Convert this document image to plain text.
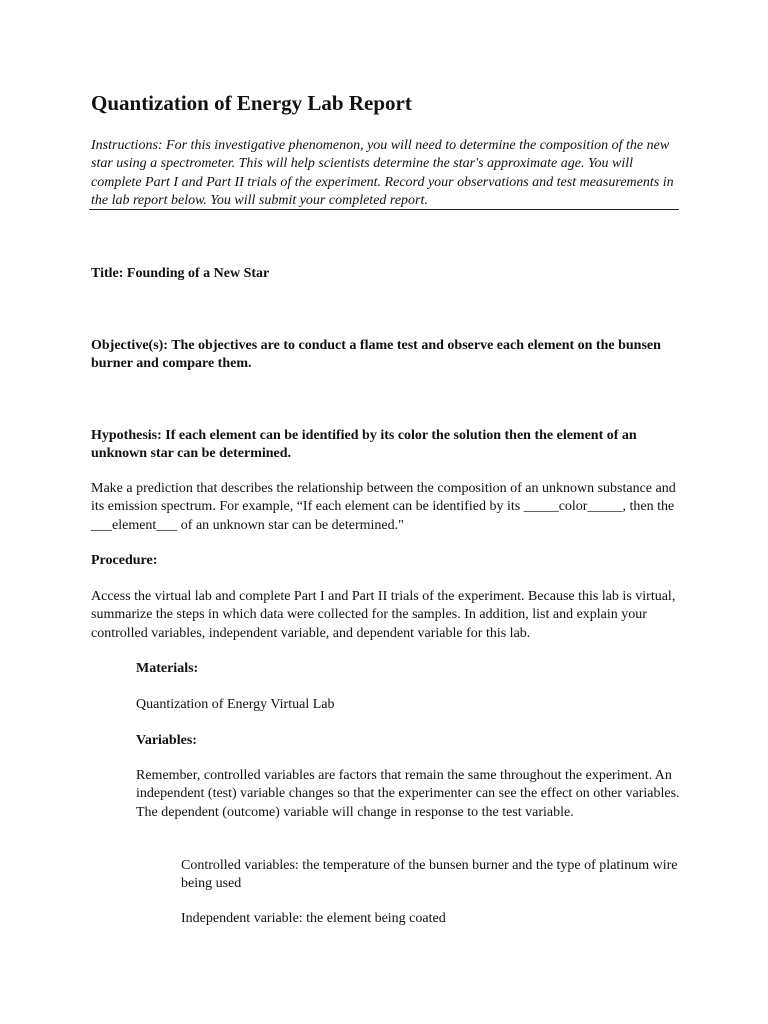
Quantization of Energy Lab Report

Instructions: For this investigative phenomenon, you will need to determine the composition of the new star using a spectrometer. This will help scientists determine the star's approximate age. You will complete Part I and Part II trials of the experiment. Record your observations and test measurements in the lab report below. You will submit your completed report.

Title: Founding of a New Star

Objective(s): The objectives are to conduct a flame test and observe each element on the bunsen burner and compare them.

Hypothesis: If each element can be identified by its color the solution then the element of an unknown star can be determined.

Make a prediction that describes the relationship between the composition of an unknown substance and its emission spectrum. For example, “If each element can be identified by its _____color_____, then the ___element___ of an unknown star can be determined."

Procedure:

Access the virtual lab and complete Part I and Part II trials of the experiment. Because this lab is virtual, summarize the steps in which data were collected for the samples. In addition, list and explain your controlled variables, independent variable, and dependent variable for this lab.

Materials:

Quantization of Energy Virtual Lab

Variables:

Remember, controlled variables are factors that remain the same throughout the experiment. An independent (test) variable changes so that the experimenter can see the effect on other variables. The dependent (outcome) variable will change in response to the test variable.

Controlled variables: the temperature of the bunsen burner and the type of platinum wire being used

Independent variable: the element being coated
